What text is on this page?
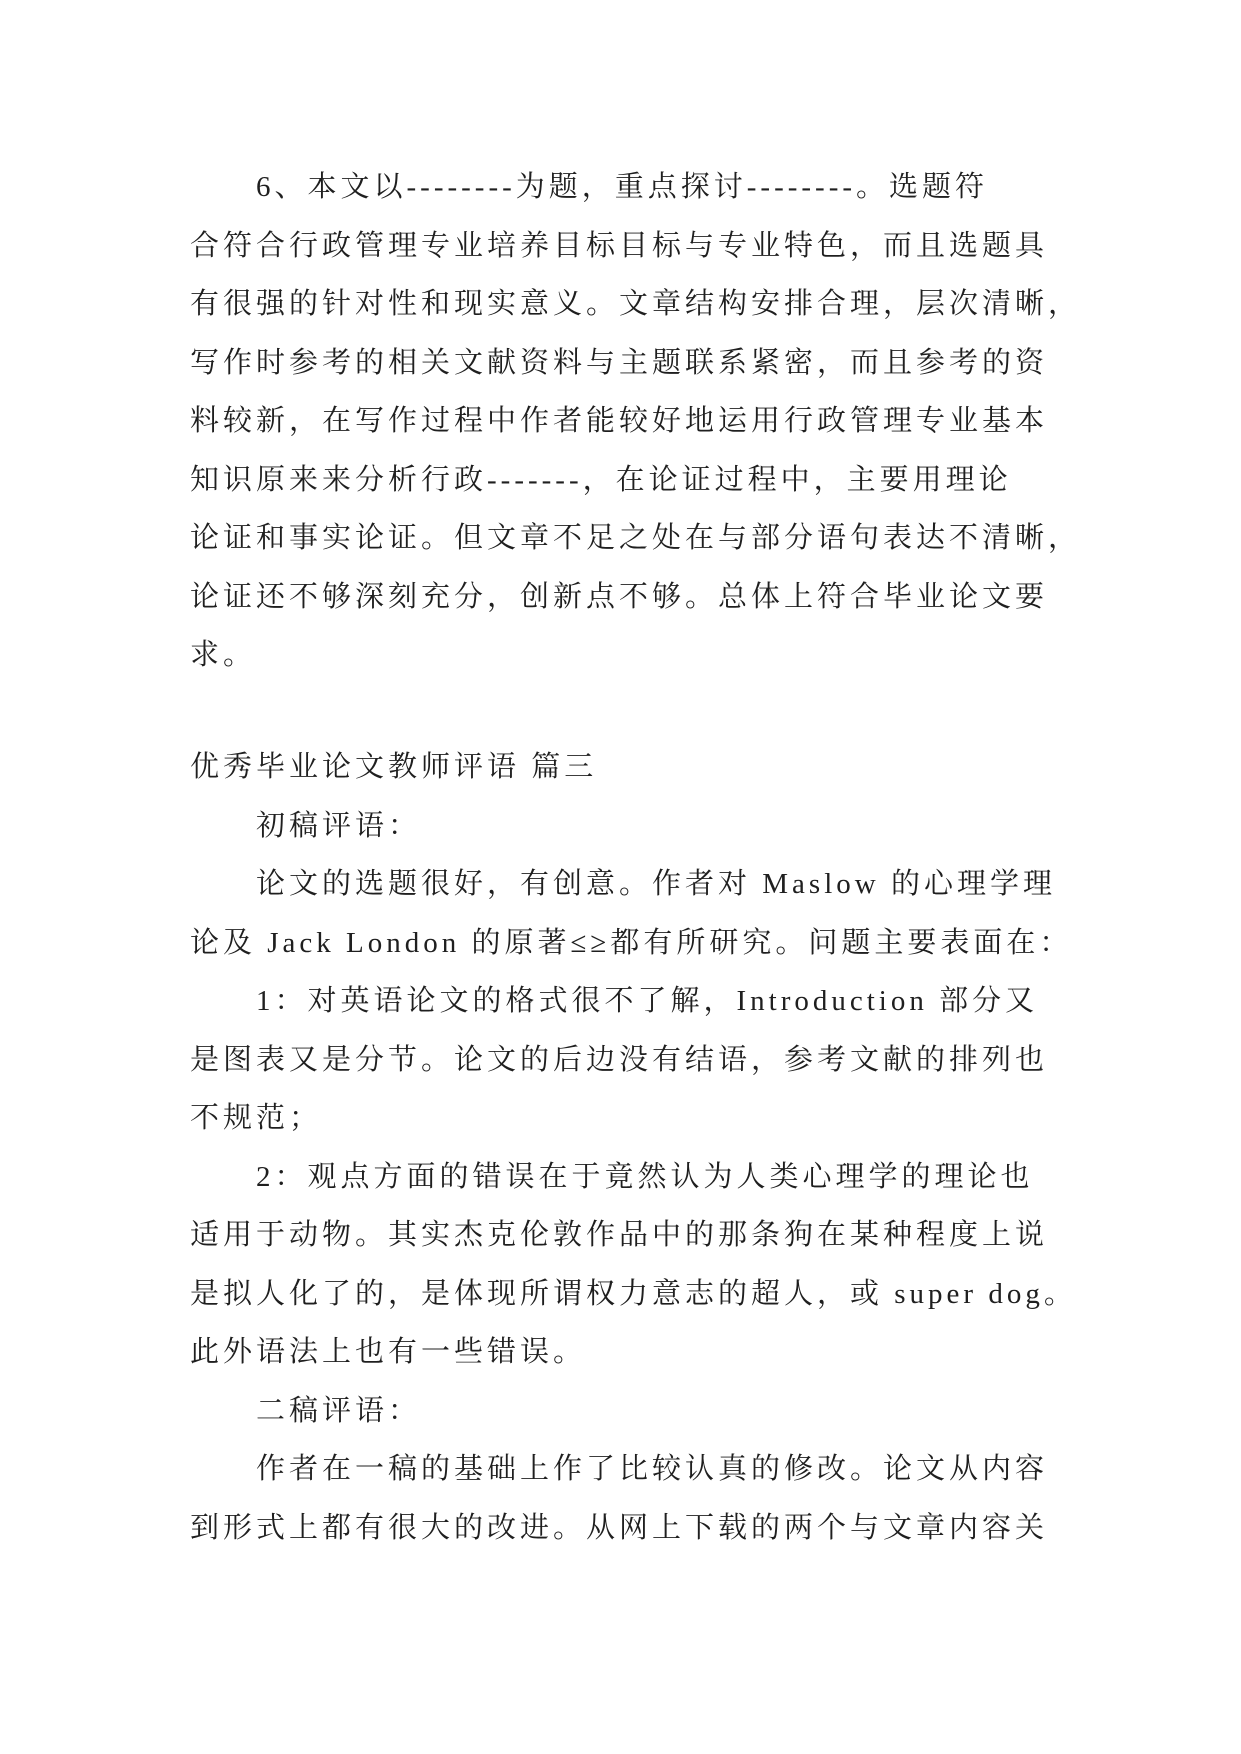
6、本文以--------为题，重点探讨--------。选题符
合符合行政管理专业培养目标目标与专业特色，而且选题具
有很强的针对性和现实意义。文章结构安排合理，层次清晰，
写作时参考的相关文献资料与主题联系紧密，而且参考的资
料较新，在写作过程中作者能较好地运用行政管理专业基本
知识原来来分析行政-------，在论证过程中，主要用理论
论证和事实论证。但文章不足之处在与部分语句表达不清晰，
论证还不够深刻充分，创新点不够。总体上符合毕业论文要
求。
优秀毕业论文教师评语 篇三
初稿评语：
论文的选题很好，有创意。作者对 Maslow 的心理学理
论及 Jack London 的原著≤≥都有所研究。问题主要表面在：
1：对英语论文的格式很不了解，Introduction 部分又
是图表又是分节。论文的后边没有结语，参考文献的排列也
不规范；
2：观点方面的错误在于竟然认为人类心理学的理论也
适用于动物。其实杰克伦敦作品中的那条狗在某种程度上说
是拟人化了的，是体现所谓权力意志的超人，或 super dog。
此外语法上也有一些错误。
二稿评语：
作者在一稿的基础上作了比较认真的修改。论文从内容
到形式上都有很大的改进。从网上下载的两个与文章内容关
